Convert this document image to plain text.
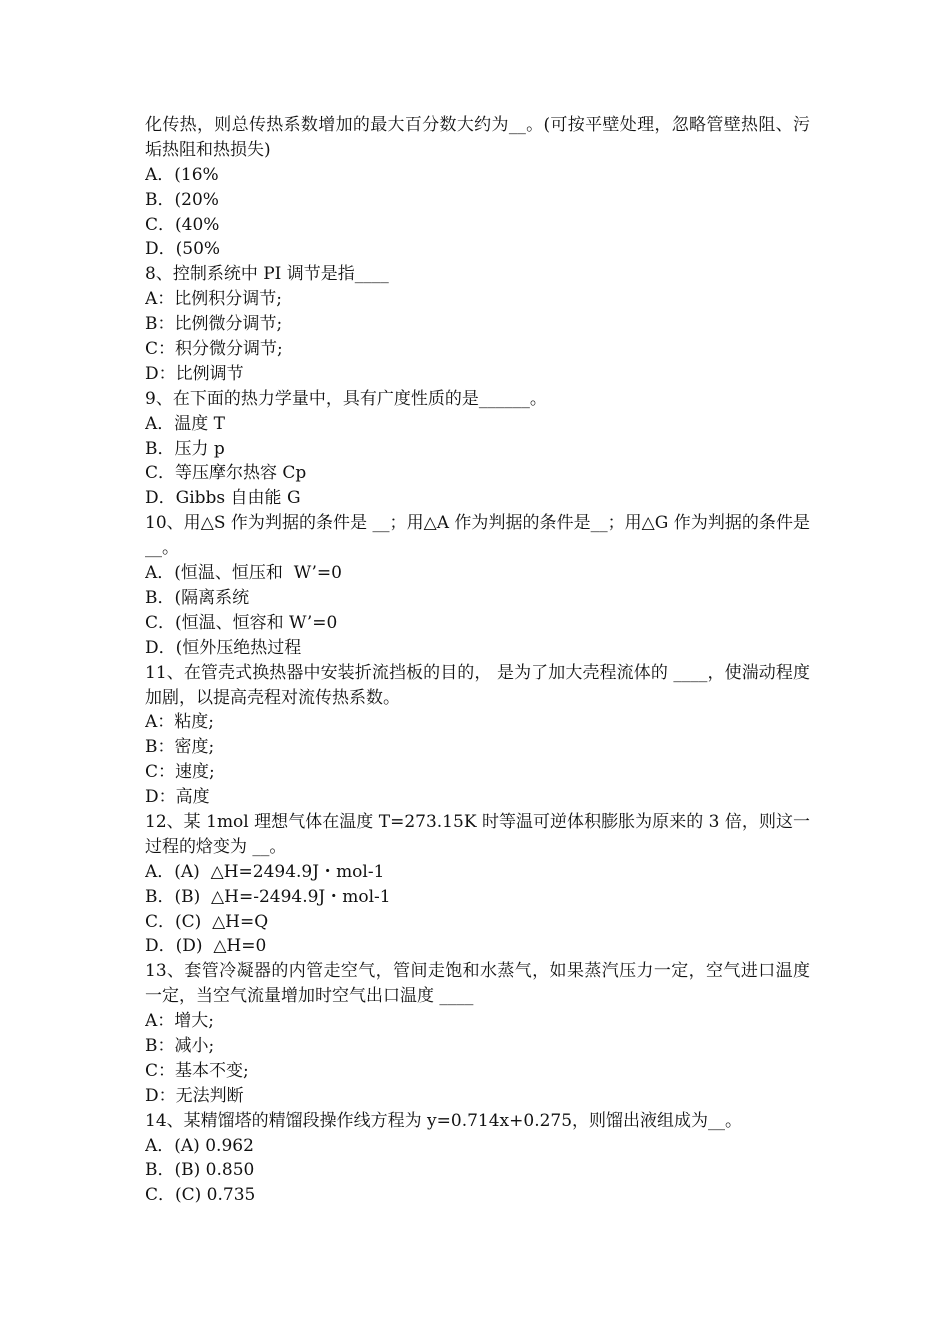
化传热，则总传热系数增加的最大百分数大约为__。(可按平壁处理，忽略管壁热阻、污垢热阻和热损失)
A．(16%
B．(20%
C．(40%
D．(50%
8、控制系统中 PI 调节是指____
A：比例积分调节;
B：比例微分调节;
C：积分微分调节;
D：比例调节
9、在下面的热力学量中，具有广度性质的是______。
A．温度 T
B．压力 p
C．等压摩尔热容 Cp
D．Gibbs 自由能 G
10、用△S 作为判据的条件是 __；用△A 作为判据的条件是__；用△G 作为判据的条件是__。
A．(恒温、恒压和  W’=0
B．(隔离系统
C．(恒温、恒容和 W’=0
D．(恒外压绝热过程
11、在管壳式换热器中安装折流挡板的目的， 是为了加大壳程流体的 ____，使湍动程度加剧，以提高壳程对流传热系数。
A：粘度;
B：密度;
C：速度;
D：高度
12、某 1mol 理想气体在温度 T=273.15K 时等温可逆体积膨胀为原来的 3 倍，则这一过程的焓变为 __。
A．(A)  △H=2494.9J・mol-1
B．(B)  △H=-2494.9J・mol-1
C．(C)  △H=Q
D．(D)  △H=0
13、套管冷凝器的内管走空气，管间走饱和水蒸气，如果蒸汽压力一定，空气进口温度一定，当空气流量增加时空气出口温度 ____
A：增大;
B：减小;
C：基本不变;
D：无法判断
14、某精馏塔的精馏段操作线方程为 y=0.714x+0.275，则馏出液组成为__。
A．(A) 0.962
B．(B) 0.850
C．(C) 0.735
